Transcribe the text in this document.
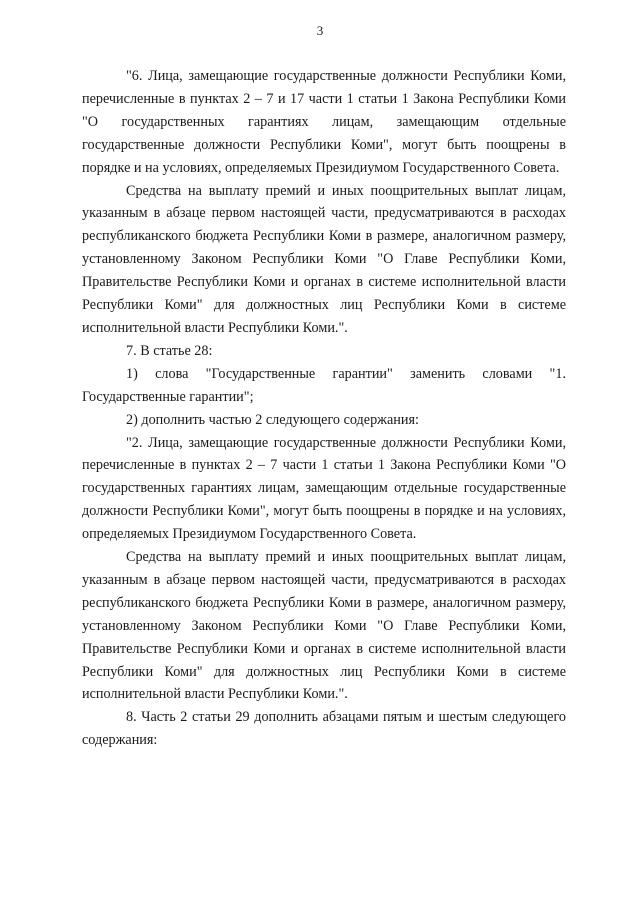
3

"6. Лица, замещающие государственные должности Республики Коми, перечисленные в пунктах 2 – 7 и 17 части 1 статьи 1 Закона Республики Коми "О государственных гарантиях лицам, замещающим отдельные государственные должности Республики Коми", могут быть поощрены в порядке и на условиях, определяемых Президиумом Государственного Совета.

Средства на выплату премий и иных поощрительных выплат лицам, указанным в абзаце первом настоящей части, предусматриваются в расходах республиканского бюджета Республики Коми в размере, аналогичном размеру, установленному Законом Республики Коми "О Главе Республики Коми, Правительстве Республики Коми и органах в системе исполнительной власти Республики Коми" для должностных лиц Республики Коми в системе исполнительной власти Республики Коми.".

7. В статье 28:

1) слова "Государственные гарантии" заменить словами "1. Государственные гарантии";

2) дополнить частью 2 следующего содержания:

"2. Лица, замещающие государственные должности Республики Коми, перечисленные в пунктах 2 – 7 части 1 статьи 1 Закона Республики Коми "О государственных гарантиях лицам, замещающим отдельные государственные должности Республики Коми", могут быть поощрены в порядке и на условиях, определяемых Президиумом Государственного Совета.

Средства на выплату премий и иных поощрительных выплат лицам, указанным в абзаце первом настоящей части, предусматриваются в расходах республиканского бюджета Республики Коми в размере, аналогичном размеру, установленному Законом Республики Коми "О Главе Республики Коми, Правительстве Республики Коми и органах в системе исполнительной власти Республики Коми" для должностных лиц Республики Коми в системе исполнительной власти Республики Коми.".

8. Часть 2 статьи 29 дополнить абзацами пятым и шестым следующего содержания:
